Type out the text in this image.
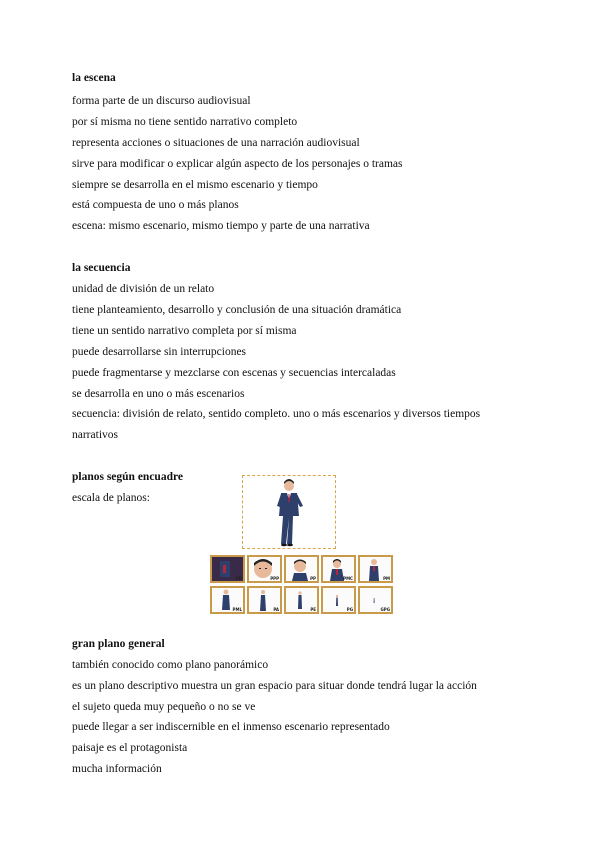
la escena
forma parte de un discurso audiovisual
por sí misma no tiene sentido narrativo completo
representa acciones o situaciones de una narración audiovisual
sirve para modificar o explicar algún aspecto de los personajes o tramas
siempre se desarrolla en el mismo escenario y tiempo
está compuesta de uno o más planos
escena: mismo escenario, mismo tiempo y parte de una narrativa
la secuencia
unidad de división de un relato
tiene planteamiento, desarrollo y conclusión de una situación dramática
tiene un sentido narrativo completa por sí misma
puede desarrollarse sin interrupciones
puede fragmentarse y mezclarse con escenas y secuencias intercaladas
se desarrolla en uno o más escenarios
secuencia: división de relato, sentido completo. uno o más escenarios y diversos tiempos
narrativos
planos según encuadre
escala de planos:
PD	PPP	PP	PMC	PM
PML	PA	PE	PG	GPG
gran plano general
también conocido como plano panorámico
es un plano descriptivo muestra un gran espacio para situar donde tendrá lugar la acción
el sujeto queda muy pequeño o no se ve
puede llegar a ser indiscernible en el inmenso escenario representado
paisaje es el protagonista
mucha información
